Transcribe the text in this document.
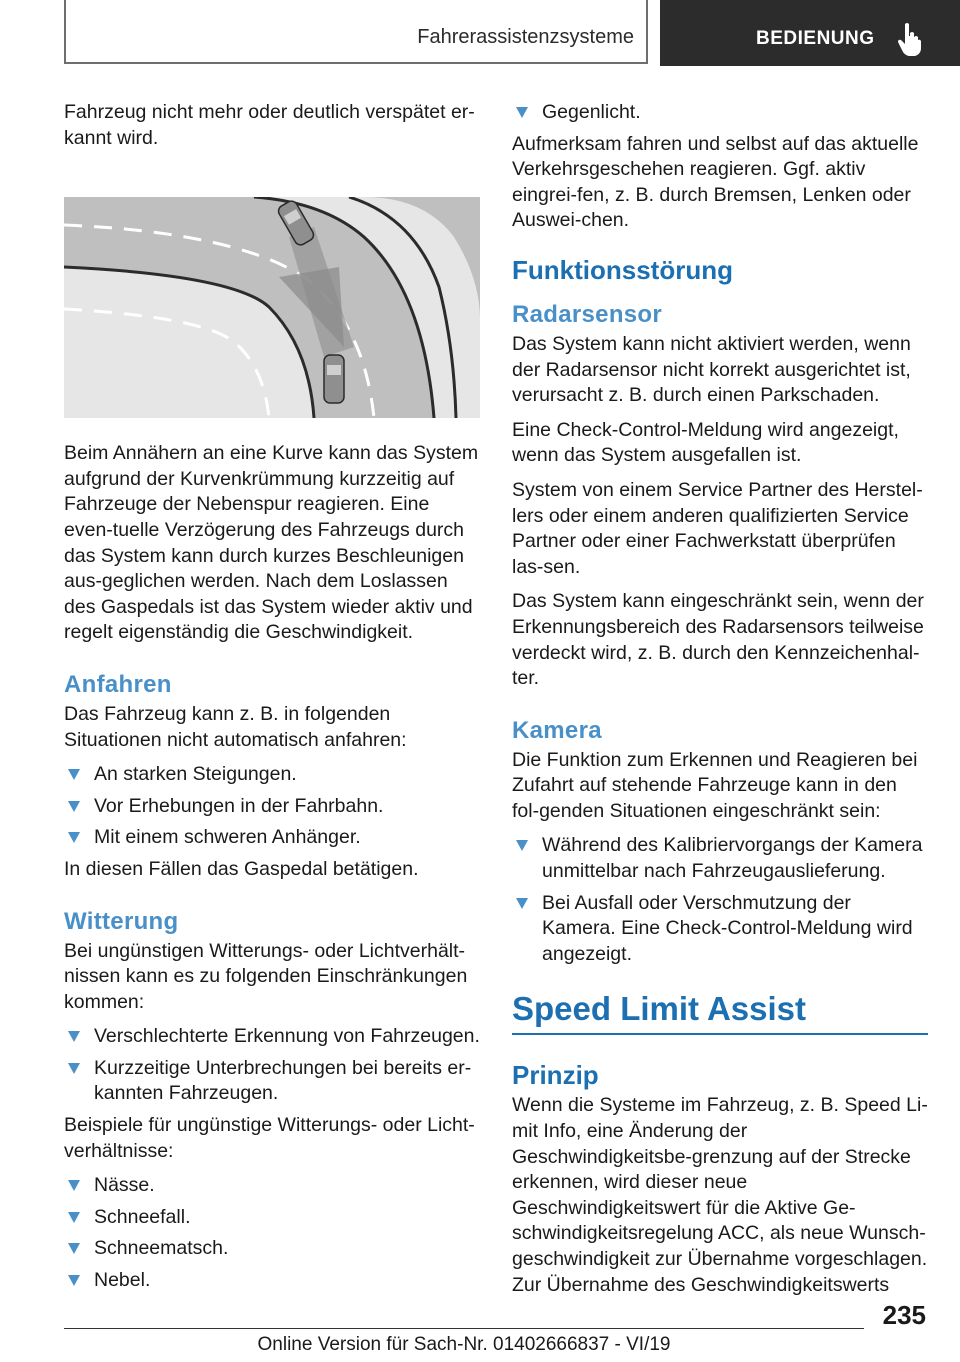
Fahrerassistenzsysteme	BEDIENUNG

Fahrzeug nicht mehr oder deutlich verspätet er-kannt wird.

Beim Annähern an eine Kurve kann das System aufgrund der Kurvenkrümmung kurzzeitig auf Fahrzeuge der Nebenspur reagieren. Eine even-tuelle Verzögerung des Fahrzeugs durch das System kann durch kurzes Beschleunigen aus-geglichen werden. Nach dem Loslassen des Gaspedals ist das System wieder aktiv und regelt eigenständig die Geschwindigkeit.

Anfahren

Das Fahrzeug kann z. B. in folgenden Situationen nicht automatisch anfahren:

An starken Steigungen.
Vor Erhebungen in der Fahrbahn.
Mit einem schweren Anhänger.

In diesen Fällen das Gaspedal betätigen.

Witterung

Bei ungünstigen Witterungs- oder Lichtverhält-nissen kann es zu folgenden Einschränkungen kommen:

Verschlechterte Erkennung von Fahrzeugen.
Kurzzeitige Unterbrechungen bei bereits er-kannten Fahrzeugen.

Beispiele für ungünstige Witterungs- oder Licht-verhältnisse:

Nässe.
Schneefall.
Schneematsch.
Nebel.
Gegenlicht.

Aufmerksam fahren und selbst auf das aktuelle Verkehrsgeschehen reagieren. Ggf. aktiv eingrei-fen, z. B. durch Bremsen, Lenken oder Auswei-chen.

Funktionsstörung
Radarsensor

Das System kann nicht aktiviert werden, wenn der Radarsensor nicht korrekt ausgerichtet ist, verursacht z. B. durch einen Parkschaden.

Eine Check-Control-Meldung wird angezeigt, wenn das System ausgefallen ist.

System von einem Service Partner des Herstel-lers oder einem anderen qualifizierten Service Partner oder einer Fachwerkstatt überprüfen las-sen.

Das System kann eingeschränkt sein, wenn der Erkennungsbereich des Radarsensors teilweise verdeckt wird, z. B. durch den Kennzeichenhal-ter.

Kamera

Die Funktion zum Erkennen und Reagieren bei Zufahrt auf stehende Fahrzeuge kann in den fol-genden Situationen eingeschränkt sein:

Während des Kalibriervorgangs der Kamera unmittelbar nach Fahrzeugauslieferung.
Bei Ausfall oder Verschmutzung der Kamera. Eine Check-Control-Meldung wird angezeigt.
Speed Limit Assist
Prinzip

Wenn die Systeme im Fahrzeug, z. B. Speed Li-mit Info, eine Änderung der Geschwindigkeitsbe-grenzung auf der Strecke erkennen, wird dieser neue Geschwindigkeitswert für die Aktive Ge-schwindigkeitsregelung ACC, als neue Wunsch-geschwindigkeit zur Übernahme vorgeschlagen. Zur Übernahme des Geschwindigkeitswerts

235
Online Version für Sach-Nr. 01402666837 - VI/19
